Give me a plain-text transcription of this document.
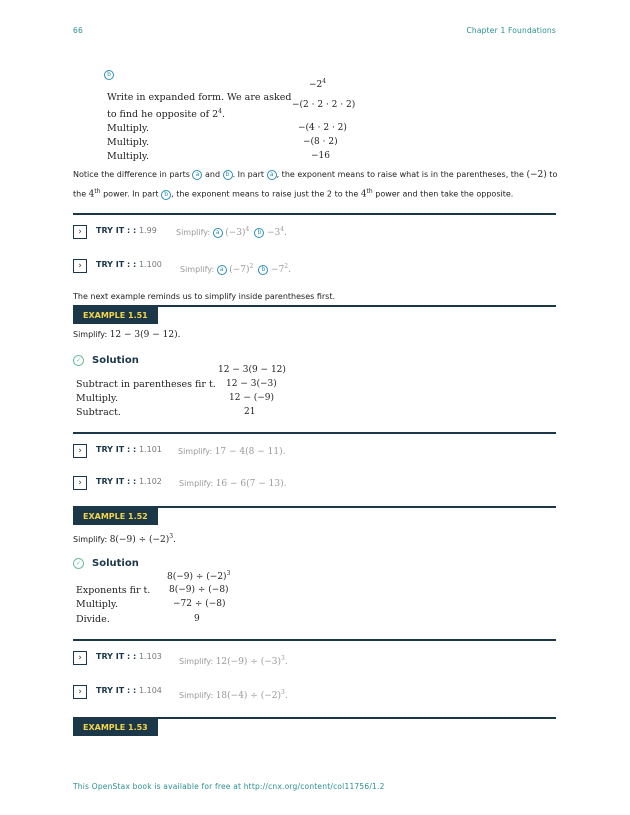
66	Chapter 1 Foundations
b
$-2^4$
Write in expanded form. We are asked
to find he opposite of $2^4$.
−(2 · 2 · 2 · 2)
Multiply.	−(4 · 2 · 2)
Multiply.	−(8 · 2)
Multiply.	−16
Notice the difference in parts a and b . In part a , the exponent means to raise what is in the parentheses, the (−2) to
the 4th power. In part b , the exponent means to raise just the 2 to the 4th power and then take the opposite.
›	TRY IT : : 1.99 Simplify: a $(-3)^4$ $b -3^4$.
›	TRY IT : : 1.100
Simplify: a $(-7)^2$ $b -7^2$.
The next example reminds us to simplify inside parentheses first.
EXAMPLE 1.51
Simplify: 12 − 3(9 − 12).
✓ Solution
12 − 3(9 − 12)
Subtract in parentheses fir t. 12 − 3(−3)
Multiply.	12 − (−9)
Subtract.	21
›	TRY IT : : 1.101 Simplify: 17 − 4(8 − 11).
›	TRY IT : : 1.102 Simplify: 16 − 6(7 − 13).
EXAMPLE 1.52
Simplify: $8(-9) \div (-2)^3$.
✓ Solution
$8(-9) \div (-2)^3$
Exponents fir t. 8(−9) ÷ (−8)
Multiply.	−72 ÷ (−8)
Divide.	9
›	TRY IT : : 1.103
Simplify: $12(-9) \div (-3)^3$.
›	TRY IT : : 1.104
Simplify: $18(-4) \div (-2)^3$.
EXAMPLE 1.53
This OpenStax book is available for free at http://cnx.org/content/col11756/1.2
